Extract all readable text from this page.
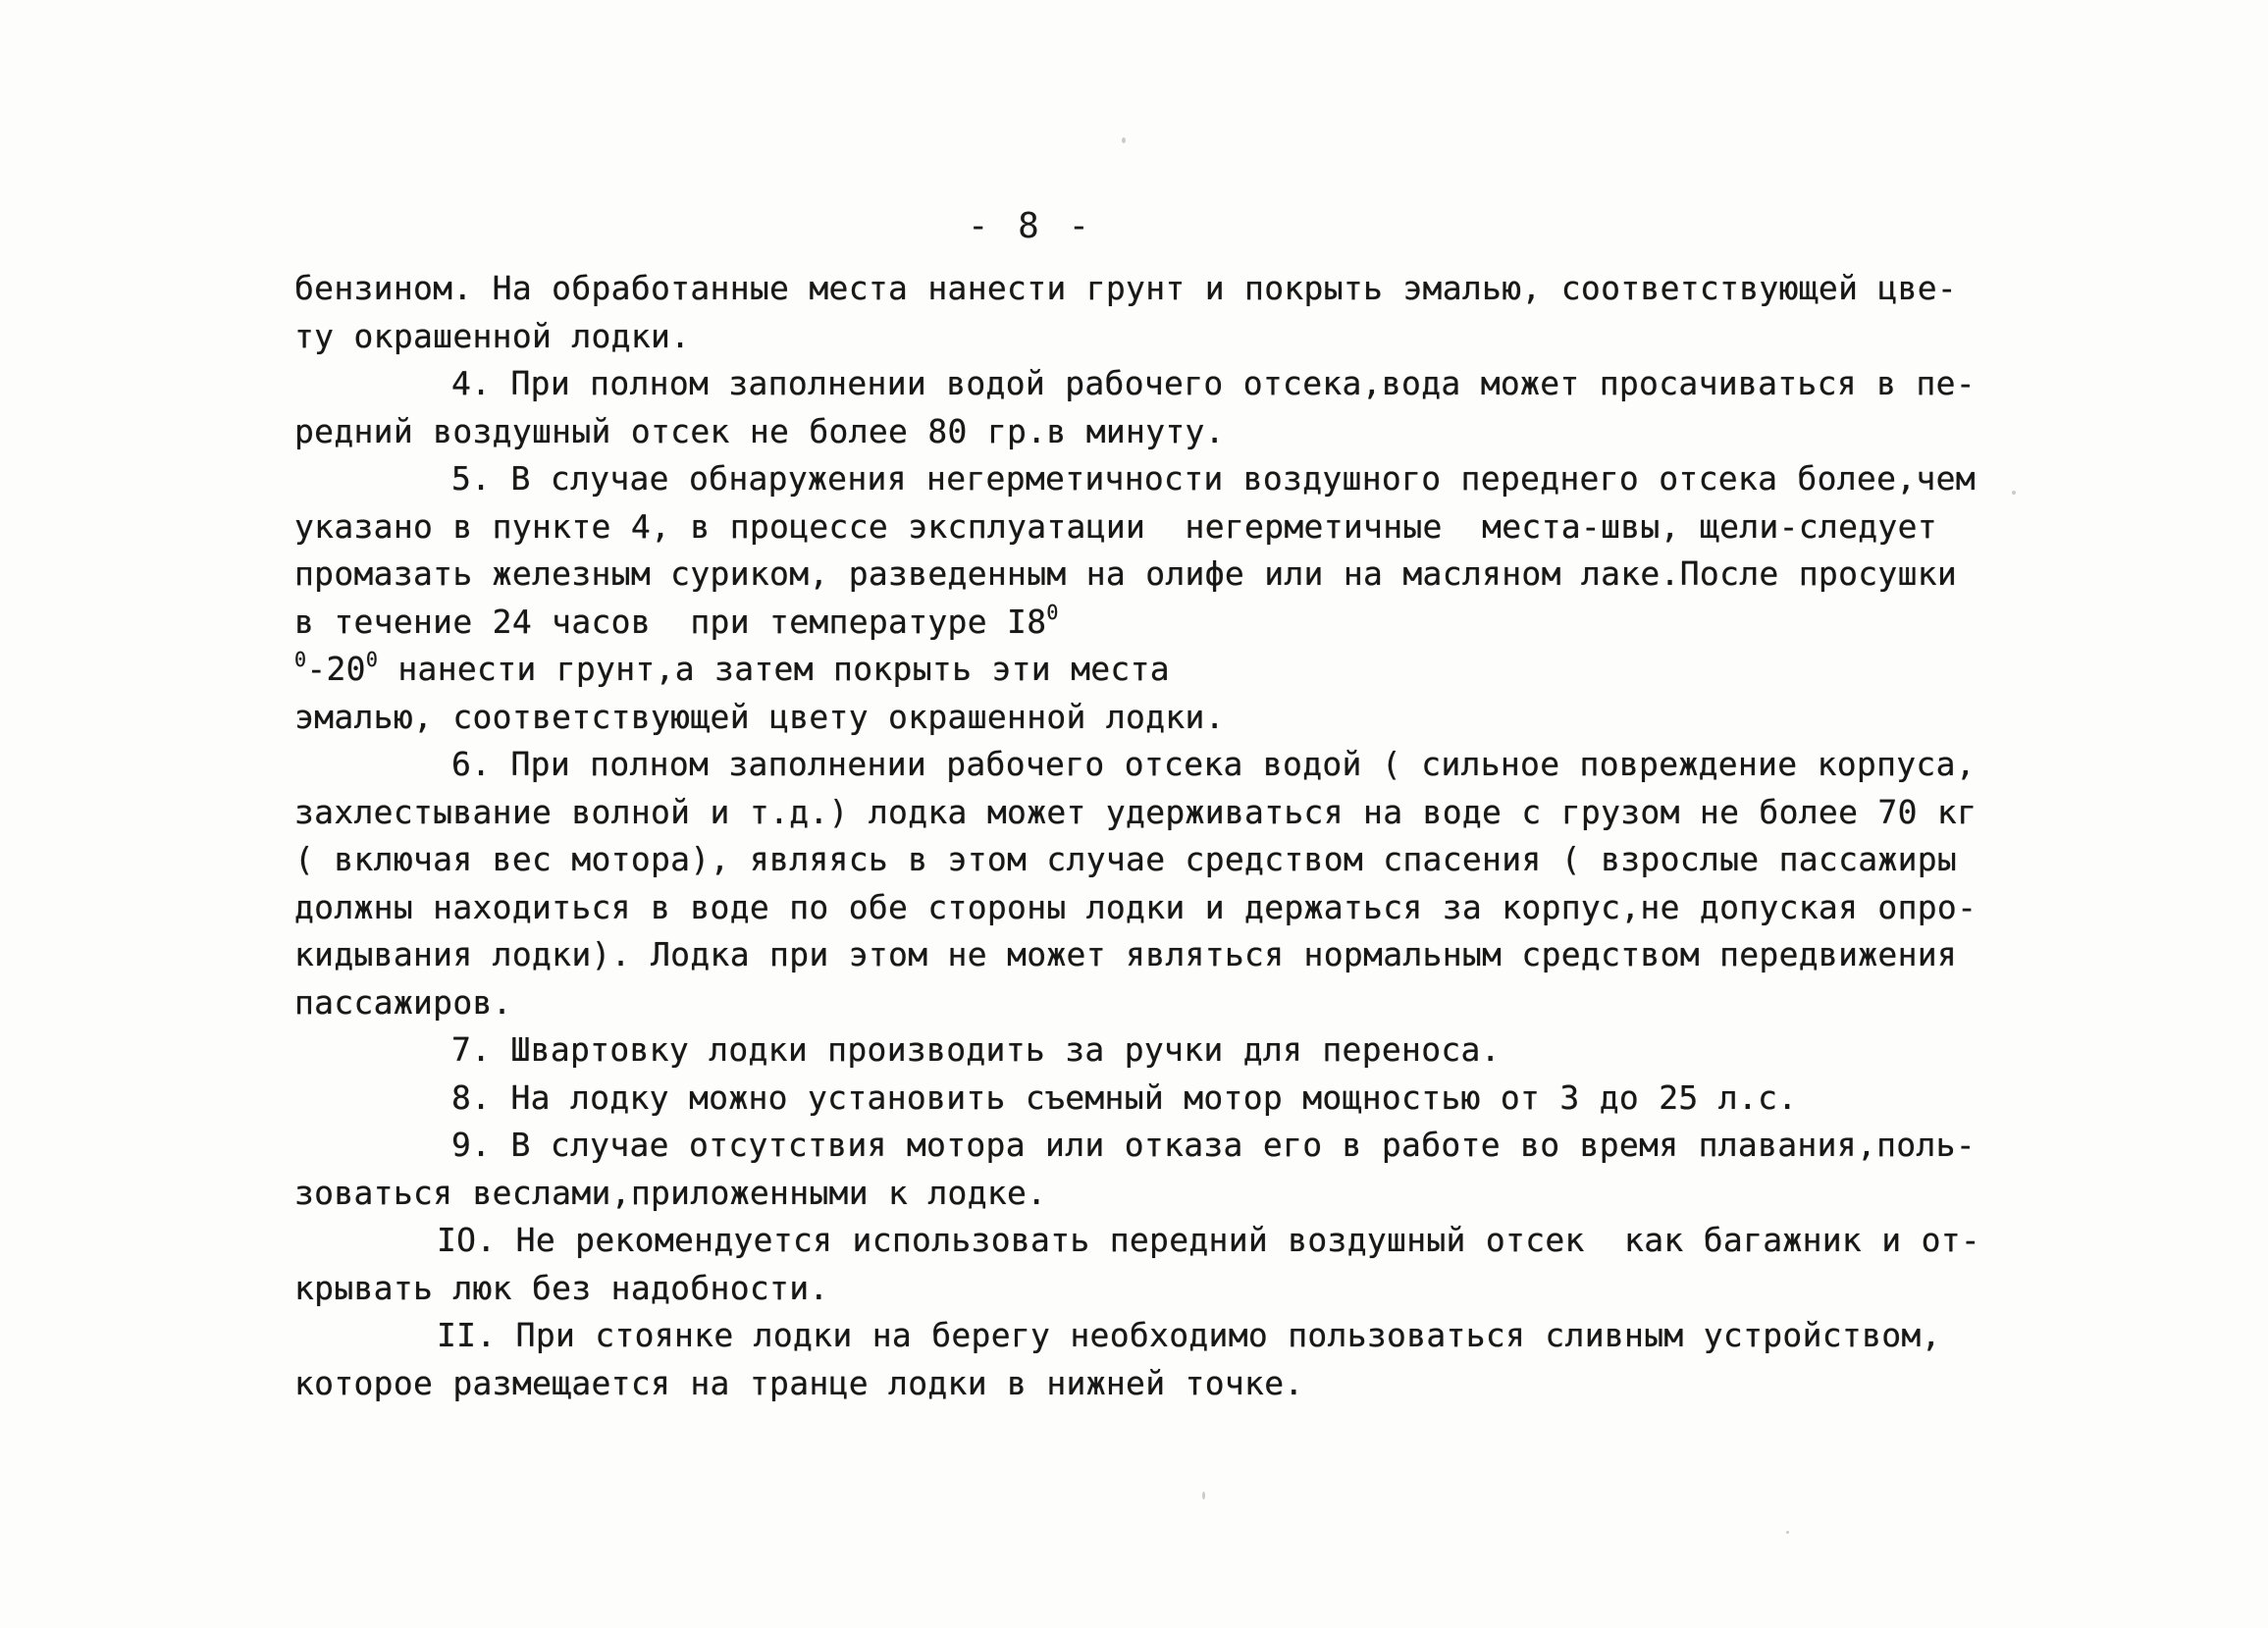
- 8 -
бензином. На обработанные места нанести грунт и покрыть эмалью, соответствующей цве-
ту окрашенной лодки.
4. При полном заполнении водой рабочего отсека,вода может просачиваться в пе-
редний воздушный отсек не более 80 гр.в минуту.
5. В случае обнаружения негерметичности воздушного переднего отсека более,чем
указано в пункте 4, в процессе эксплуатации  негерметичные  места-швы, щели-следует
промазать железным суриком, разведенным на олифе или на масляном лаке.После просушки
в течение 24 часов  при температуре $I8^0$
$^0-20^0$ нанести грунт,а затем покрыть эти места
эмалью, соответствующей цвету окрашенной лодки.
6. При полном заполнении рабочего отсека водой ( сильное повреждение корпуса,
захлестывание волной и т.д.) лодка может удерживаться на воде с грузом не более 70 кг
( включая вес мотора), являясь в этом случае средством спасения ( взрослые пассажиры
должны находиться в воде по обе стороны лодки и держаться за корпус,не допуская опро-
кидывания лодки). Лодка при этом не может являться нормальным средством передвижения
пассажиров.
7. Швартовку лодки производить за ручки для переноса.
8. На лодку можно установить съемный мотор мощностью от 3 до 25 л.с.
9. В случае отсутствия мотора или отказа его в работе во время плавания,поль-
зоваться веслами,приложенными к лодке.
IO. Не рекомендуется использовать передний воздушный отсек  как багажник и от-
крывать люк без надобности.
II. При стоянке лодки на берегу необходимо пользоваться сливным устройством,
которое размещается на транце лодки в нижней точке.
